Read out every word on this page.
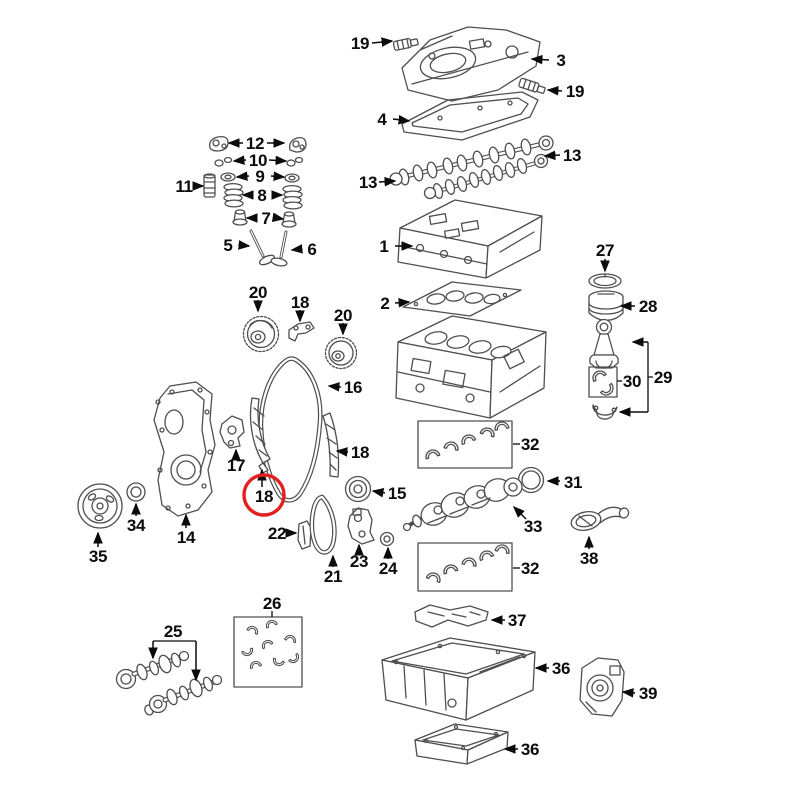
19
3
19
4
13
13
1
2
12
10
9
8
11
7
5	6
20
18
20
16
18
18
17
14
34
35
15
22
21
23 24
27
28
29
30
32
31
33
38
32
37
36
39
36
25
26
